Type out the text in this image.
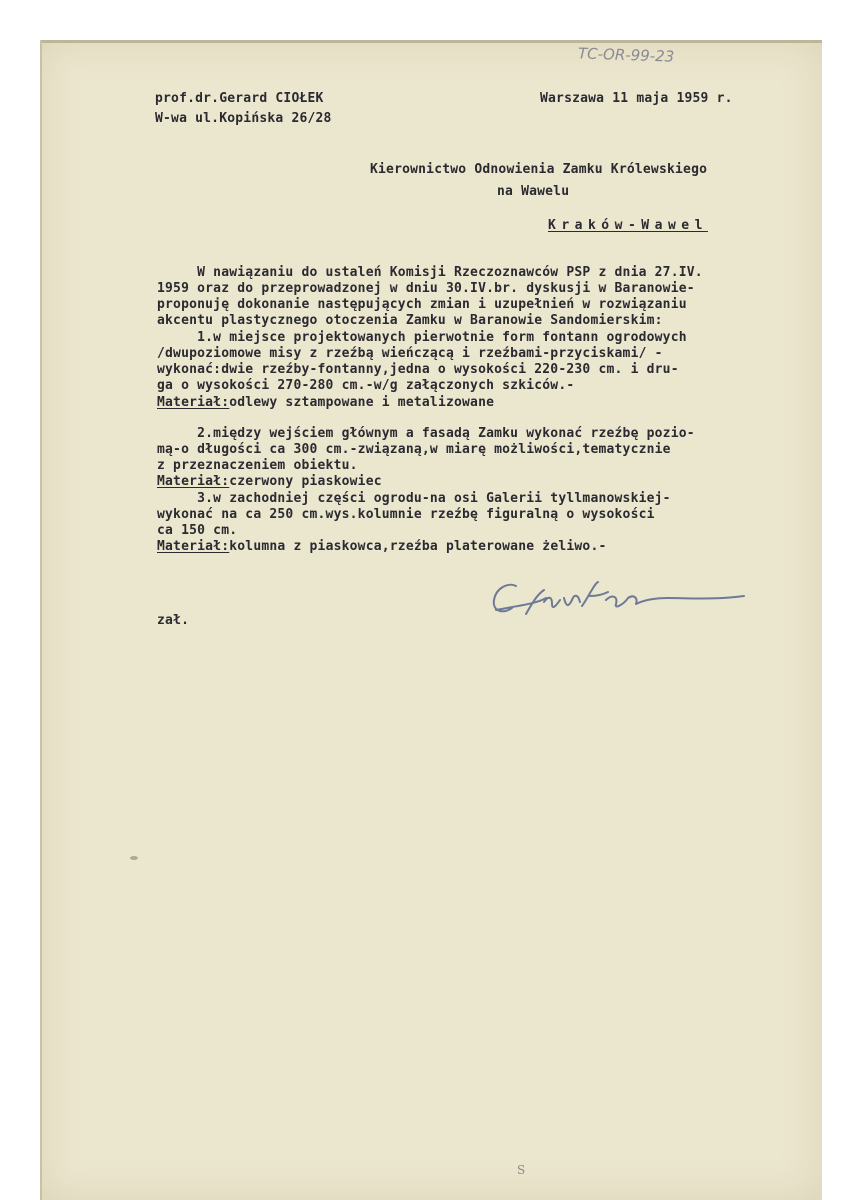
TC-OR-99-23
prof.dr.Gerard CIOŁEK
W-wa ul.Kopińska 26/28
Warszawa 11 maja 1959 r.
Kierownictwo Odnowienia Zamku Królewskiego
na Wawelu
Kraków-Wawel
W nawiązaniu do ustaleń Komisji Rzeczoznawców PSP z dnia 27.IV.
1959 oraz do przeprowadzonej w dniu 30.IV.br. dyskusji w Baranowie-
proponuję dokonanie następujących zmian i uzupełnień w rozwiązaniu
akcentu plastycznego otoczenia Zamku w Baranowie Sandomierskim:
1.w miejsce projektowanych pierwotnie form fontann ogrodowych
/dwupoziomowe misy z rzeźbą wieńczącą i rzeźbami-przyciskami/ -
wykonać:dwie rzeźby-fontanny,jedna o wysokości 220-230 cm. i dru-
ga o wysokości 270-280 cm.-w/g załączonych szkiców.-
Materiał:odlewy sztampowane i metalizowane
2.między wejściem głównym a fasadą Zamku wykonać rzeźbę pozio-
mą-o długości ca 300 cm.-związaną,w miarę możliwości,tematycznie
z przeznaczeniem obiektu.
Materiał:czerwony piaskowiec
3.w zachodniej części ogrodu-na osi Galerii tyllmanowskiej-
wykonać na ca 250 cm.wys.kolumnie rzeźbę figuralną o wysokości
ca 150 cm.
Materiał:kolumna z piaskowca,rzeźba platerowane żeliwo.-
zał.
S
